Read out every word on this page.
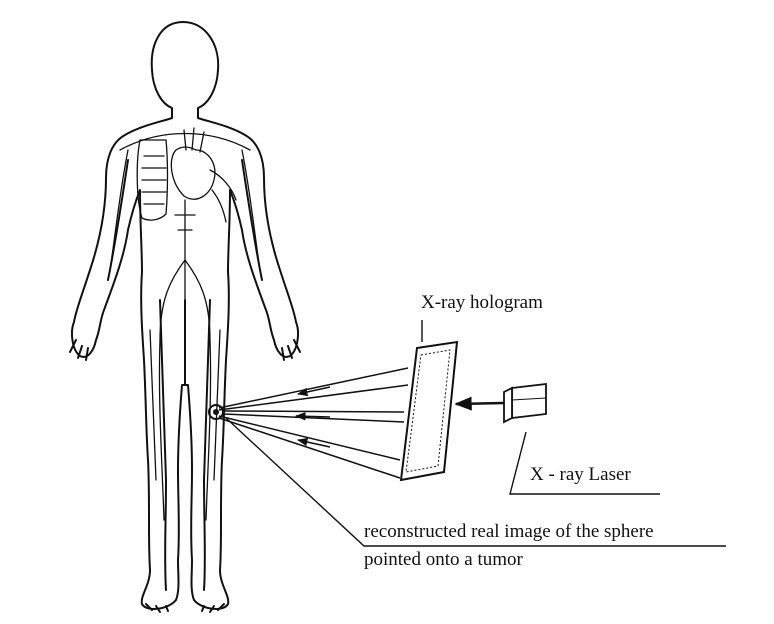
X-ray hologram
X - ray Laser
reconstructed real image of the sphere
pointed onto a tumor
